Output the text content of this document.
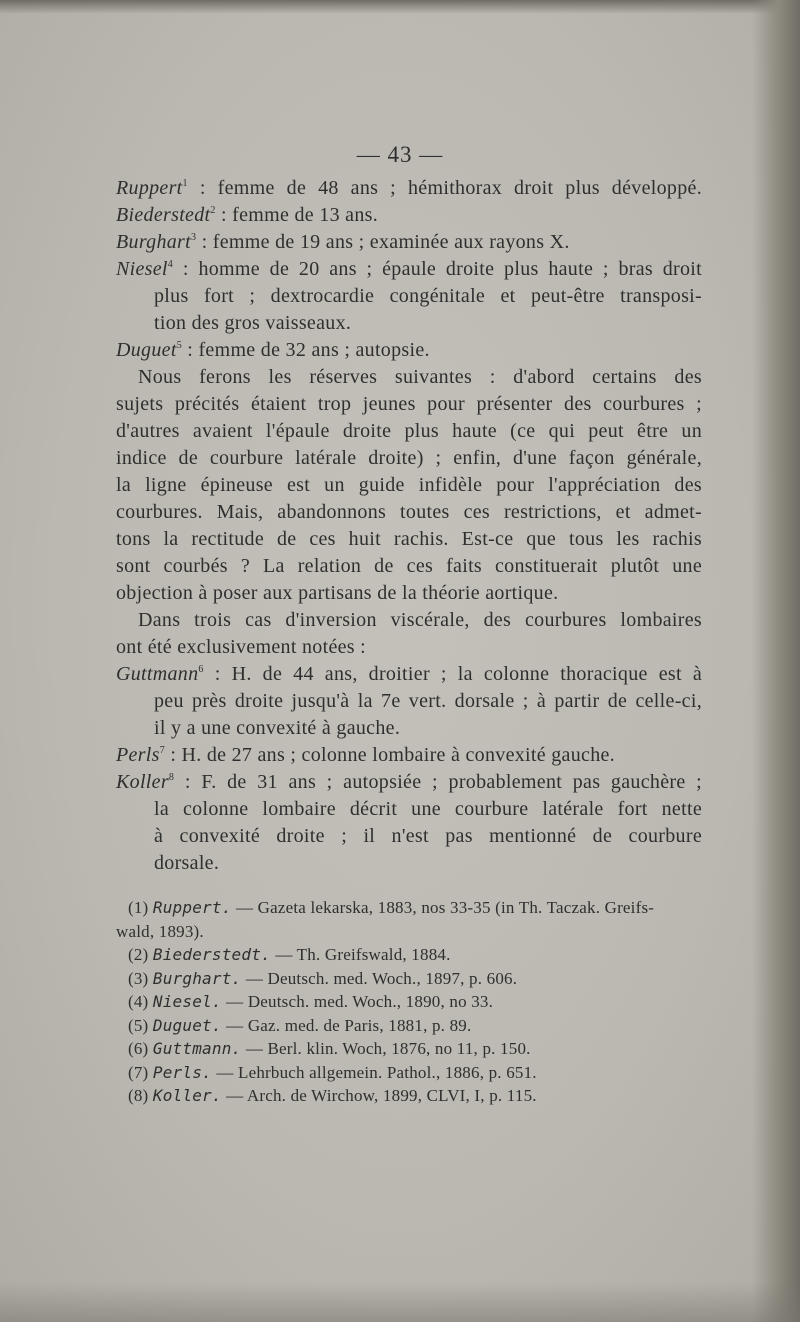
— 43 —
Ruppert$^1$ : femme de 48 ans ; hémithorax droit plus développé.
Biederstedt$^2$ : femme de 13 ans.
Burghart$^3$ : femme de 19 ans ; examinée aux rayons X.
Niesel$^4$ : homme de 20 ans ; épaule droite plus haute ; bras droit
plus fort ; dextrocardie congénitale et peut-être transposi-
tion des gros vaisseaux.
Duguet$^5$ : femme de 32 ans ; autopsie.
Nous ferons les réserves suivantes : d'abord certains des
sujets précités étaient trop jeunes pour présenter des courbures ;
d'autres avaient l'épaule droite plus haute (ce qui peut être un
indice de courbure latérale droite) ; enfin, d'une façon générale,
la ligne épineuse est un guide infidèle pour l'appréciation des
courbures. Mais, abandonnons toutes ces restrictions, et admet-
tons la rectitude de ces huit rachis. Est-ce que tous les rachis
sont courbés ? La relation de ces faits constituerait plutôt une
objection à poser aux partisans de la théorie aortique.
Dans trois cas d'inversion viscérale, des courbures lombaires
ont été exclusivement notées :
Guttmann$^6$ : H. de 44 ans, droitier ; la colonne thoracique est à
peu près droite jusqu'à la 7e vert. dorsale ; à partir de celle-ci,
il y a une convexité à gauche.
Perls$^7$ : H. de 27 ans ; colonne lombaire à convexité gauche.
Koller$^8$ : F. de 31 ans ; autopsiée ; probablement pas gauchère ;
la colonne lombaire décrit une courbure latérale fort nette
à convexité droite ; il n'est pas mentionné de courbure
dorsale.
(1) Ruppert. — Gazeta lekarska, 1883, nos 33-35 (in Th. Taczak. Greifs-
wald, 1893).
(2) Biederstedt. — Th. Greifswald, 1884.
(3) Burghart. — Deutsch. med. Woch., 1897, p. 606.
(4) Niesel. — Deutsch. med. Woch., 1890, no 33.
(5) Duguet. — Gaz. med. de Paris, 1881, p. 89.
(6) Guttmann. — Berl. klin. Woch, 1876, no 11, p. 150.
(7) Perls. — Lehrbuch allgemein. Pathol., 1886, p. 651.
(8) Koller. — Arch. de Wirchow, 1899, CLVI, I, p. 115.
